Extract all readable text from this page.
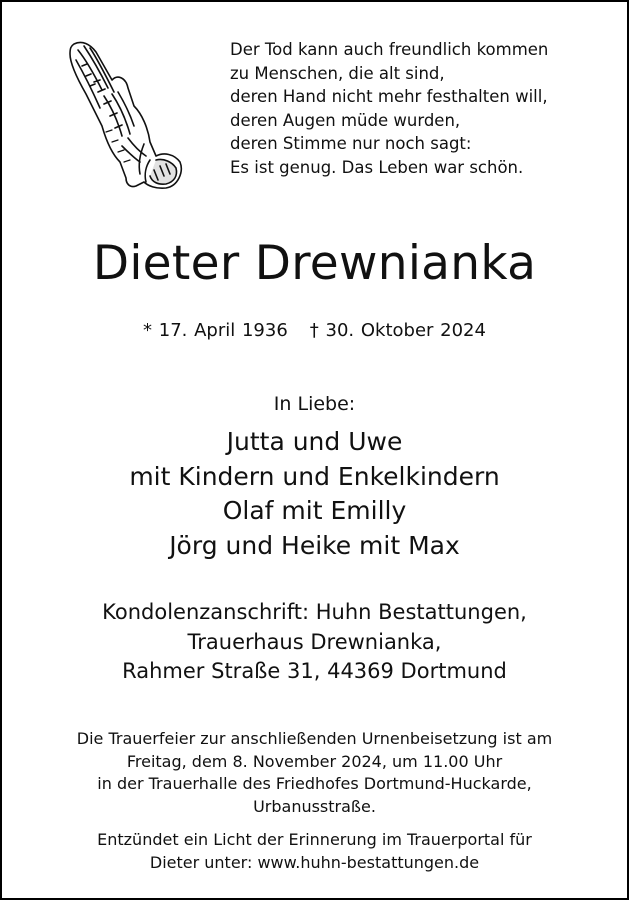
Der Tod kann auch freundlich kommen
zu Menschen, die alt sind,
deren Hand nicht mehr festhalten will,
deren Augen müde wurden,
deren Stimme nur noch sagt:
Es ist genug. Das Leben war schön.
Dieter Drewnianka
* 17. April 1936 † 30. Oktober 2024
In Liebe:
Jutta und Uwe
mit Kindern und Enkelkindern
Olaf mit Emilly
Jörg und Heike mit Max
Kondolenzanschrift: Huhn Bestattungen,
Trauerhaus Drewnianka,
Rahmer Straße 31, 44369 Dortmund
Die Trauerfeier zur anschließenden Urnenbeisetzung ist am
Freitag, dem 8. November 2024, um 11.00 Uhr
in der Trauerhalle des Friedhofes Dortmund-Huckarde,
Urbanusstraße.
Entzündet ein Licht der Erinnerung im Trauerportal für
Dieter unter: www.huhn-bestattungen.de
